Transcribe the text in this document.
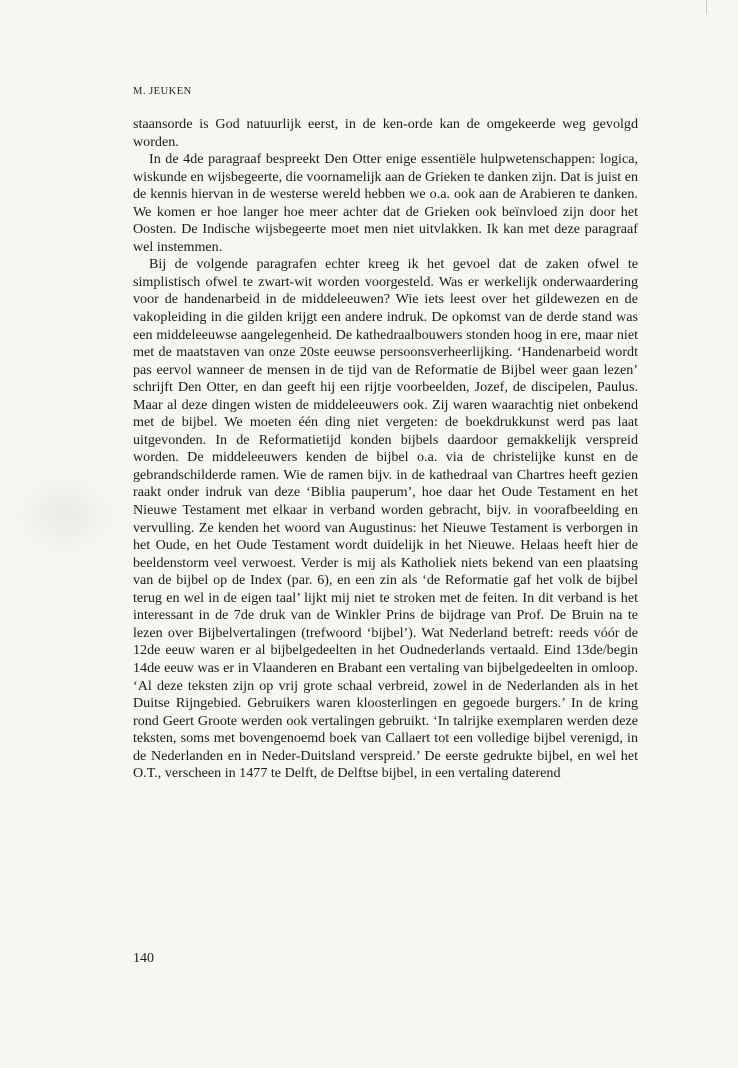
M. JEUKEN

staansorde is God natuurlijk eerst, in de ken-orde kan de omgekeerde weg gevolgd worden.

In de 4de paragraaf bespreekt Den Otter enige essentiële hulpwetenschappen: logica, wiskunde en wijsbegeerte, die voornamelijk aan de Grieken te danken zijn. Dat is juist en de kennis hiervan in de westerse wereld hebben we o.a. ook aan de Arabieren te danken. We komen er hoe langer hoe meer achter dat de Grieken ook beïnvloed zijn door het Oosten. De Indische wijsbegeerte moet men niet uitvlakken. Ik kan met deze paragraaf wel instemmen.

Bij de volgende paragrafen echter kreeg ik het gevoel dat de zaken ofwel te simplistisch ofwel te zwart-wit worden voorgesteld. Was er werkelijk onderwaardering voor de handenarbeid in de middeleeuwen? Wie iets leest over het gildewezen en de vakopleiding in die gilden krijgt een andere indruk. De opkomst van de derde stand was een middeleeuwse aangelegenheid. De kathedraalbouwers stonden hoog in ere, maar niet met de maatstaven van onze 20ste eeuwse persoonsverheerlijking. ‘Handenarbeid wordt pas eervol wanneer de mensen in de tijd van de Reformatie de Bijbel weer gaan lezen’ schrijft Den Otter, en dan geeft hij een rijtje voorbeelden, Jozef, de discipelen, Paulus. Maar al deze dingen wisten de middeleeuwers ook. Zij waren waarachtig niet onbekend met de bijbel. We moeten één ding niet vergeten: de boekdrukkunst werd pas laat uitgevonden. In de Reformatietijd konden bijbels daardoor gemakkelijk verspreid worden. De middeleeuwers kenden de bijbel o.a. via de christelijke kunst en de gebrandschilderde ramen. Wie de ramen bijv. in de kathedraal van Chartres heeft gezien raakt onder indruk van deze ‘Biblia pauperum’, hoe daar het Oude Testament en het Nieuwe Testament met elkaar in verband worden gebracht, bijv. in voorafbeelding en vervulling. Ze kenden het woord van Augustinus: het Nieuwe Testament is verborgen in het Oude, en het Oude Testament wordt duidelijk in het Nieuwe. Helaas heeft hier de beeldenstorm veel verwoest. Verder is mij als Katholiek niets bekend van een plaatsing van de bijbel op de Index (par. 6), en een zin als ‘de Reformatie gaf het volk de bijbel terug en wel in de eigen taal’ lijkt mij niet te stroken met de feiten. In dit verband is het interessant in de 7de druk van de Winkler Prins de bijdrage van Prof. De Bruin na te lezen over Bijbelvertalingen (trefwoord ‘bijbel’). Wat Nederland betreft: reeds vóór de 12de eeuw waren er al bijbelgedeelten in het Oudnederlands vertaald. Eind 13de/begin 14de eeuw was er in Vlaanderen en Brabant een vertaling van bijbelgedeelten in omloop. ‘Al deze teksten zijn op vrij grote schaal verbreid, zowel in de Nederlanden als in het Duitse Rijngebied. Gebruikers waren kloosterlingen en gegoede burgers.’ In de kring rond Geert Groote werden ook vertalingen gebruikt. ‘In talrijke exemplaren werden deze teksten, soms met bovengenoemd boek van Callaert tot een volledige bijbel verenigd, in de Nederlanden en in Neder-Duitsland verspreid.’ De eerste gedrukte bijbel, en wel het O.T., verscheen in 1477 te Delft, de Delftse bijbel, in een vertaling daterend

140
